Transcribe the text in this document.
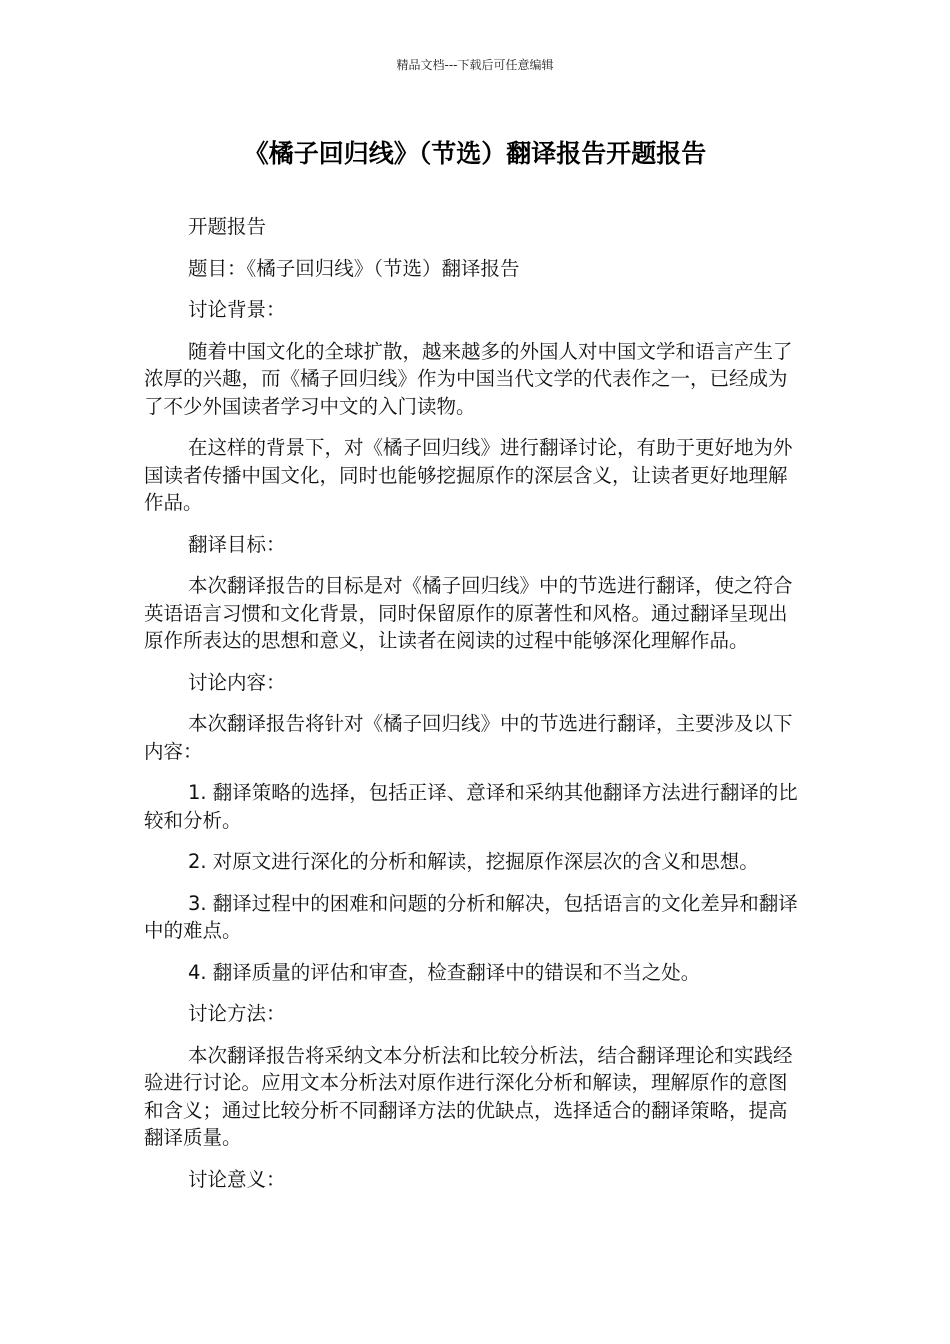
精品文档---下载后可任意编辑
《橘子回归线》（节选）翻译报告开题报告

开题报告

题目：《橘子回归线》（节选）翻译报告

讨论背景：

随着中国文化的全球扩散，越来越多的外国人对中国文学和语言产生了浓厚的兴趣，而《橘子回归线》作为中国当代文学的代表作之一，已经成为了不少外国读者学习中文的入门读物。

在这样的背景下，对《橘子回归线》进行翻译讨论，有助于更好地为外国读者传播中国文化，同时也能够挖掘原作的深层含义，让读者更好地理解作品。

翻译目标：

本次翻译报告的目标是对《橘子回归线》中的节选进行翻译，使之符合英语语言习惯和文化背景，同时保留原作的原著性和风格。通过翻译呈现出原作所表达的思想和意义，让读者在阅读的过程中能够深化理解作品。

讨论内容：

本次翻译报告将针对《橘子回归线》中的节选进行翻译，主要涉及以下内容：

1. 翻译策略的选择，包括正译、意译和采纳其他翻译方法进行翻译的比较和分析。

2. 对原文进行深化的分析和解读，挖掘原作深层次的含义和思想。

3. 翻译过程中的困难和问题的分析和解决，包括语言的文化差异和翻译中的难点。

4. 翻译质量的评估和审查，检查翻译中的错误和不当之处。

讨论方法：

本次翻译报告将采纳文本分析法和比较分析法，结合翻译理论和实践经验进行讨论。应用文本分析法对原作进行深化分析和解读，理解原作的意图和含义；通过比较分析不同翻译方法的优缺点，选择适合的翻译策略，提高翻译质量。

讨论意义：
